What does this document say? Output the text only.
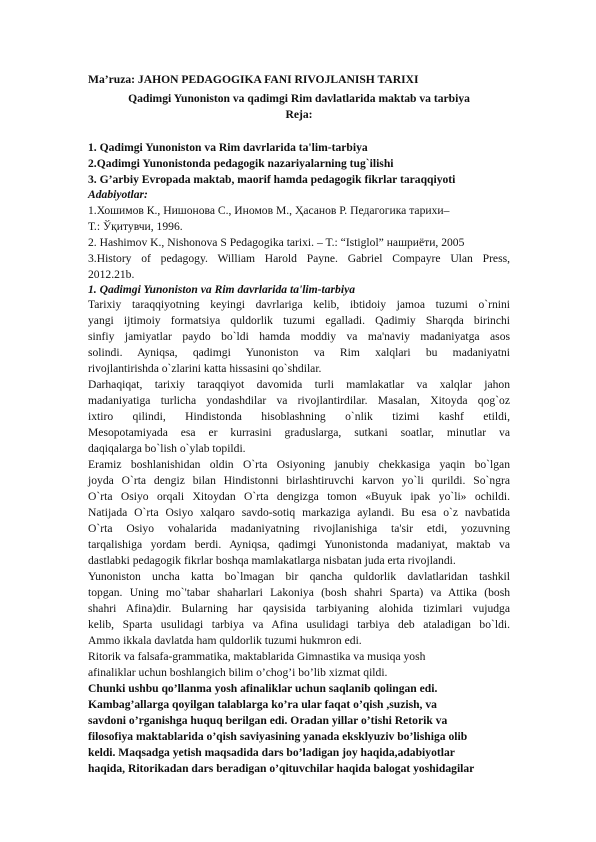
Ma’ruza: JAHON PEDAGOGIKA FANI RIVOJLANISH TARIXI
Qadimgi Yunoniston va qadimgi Rim davlatlarida maktab va tarbiya
Reja:
1. Qadimgi Yunoniston va Rim davrlarida ta'lim-tarbiya
2.Qadimgi Yunonistonda pedagogik nazariyalarning tug`ilishi
3. G’arbiy Evropada maktab, maorif hamda pedagogik fikrlar taraqqiyoti
Adabiyotlar:
1.Хошимов К., Нишонова С., Иномов М., Ҳасанов Р. Педагогика тарихи–
Т.: Ўқитувчи, 1996.
2. Hashimov K., Nishonova S Pedagogika tarixi. – T.: “Istiglol” нашриёти, 2005
3.History of pedagogy. William Harold Payne. Gabriel Compayre Ulan Press,
2012.21b.
1. Qadimgi Yunoniston va Rim davrlarida ta'lim-tarbiya
Tarixiy taraqqiyotning keyingi davrlariga kelib, ibtidoiy jamoa tuzumi o`rnini
yangi ijtimoiy formatsiya quldorlik tuzumi egalladi. Qadimiy Sharqda birinchi
sinfiy jamiyatlar paydo bo`ldi hamda moddiy va ma'naviy madaniyatga asos
solindi. Ayniqsa, qadimgi Yunoniston va Rim xalqlari bu madaniyatni
rivojlantirishda o`zlarini katta hissasini qo`shdilar.
Darhaqiqat, tarixiy taraqqiyot davomida turli mamlakatlar va xalqlar jahon
madaniyatiga turlicha yondashdilar va rivojlantirdilar. Masalan, Xitoyda qog`oz
ixtiro qilindi, Hindistonda hisoblashning o`nlik tizimi kashf etildi,
Mesopotamiyada esa er kurrasini graduslarga, sutkani soatlar, minutlar va
daqiqalarga bo`lish o`ylab topildi.
Eramiz boshlanishidan oldin O`rta Osiyoning janubiy chekkasiga yaqin bo`lgan
joyda O`rta dengiz bilan Hindistonni birlashtiruvchi karvon yo`li qurildi. So`ngra
O`rta Osiyo orqali Xitoydan O`rta dengizga tomon «Buyuk ipak yo`li» ochildi.
Natijada O`rta Osiyo xalqaro savdo-sotiq markaziga aylandi. Bu esa o`z navbatida
O`rta Osiyo vohalarida madaniyatning rivojlanishiga ta'sir etdi, yozuvning
tarqalishiga yordam berdi. Ayniqsa, qadimgi Yunonistonda madaniyat, maktab va
dastlabki pedagogik fikrlar boshqa mamlakatlarga nisbatan juda erta rivojlandi.
Yunoniston uncha katta bo`lmagan bir qancha quldorlik davlatlaridan tashkil
topgan. Uning mo`'tabar shaharlari Lakoniya (bosh shahri Sparta) va Attika (bosh
shahri Afina)dir. Bularning har qaysisida tarbiyaning alohida tizimlari vujudga
kelib, Sparta usulidagi tarbiya va Afina usulidagi tarbiya deb ataladigan bo`ldi.
Ammo ikkala davlatda ham quldorlik tuzumi hukmron edi.
Ritorik va falsafa-grammatika, maktablarida Gimnastika va musiqa yosh
afinaliklar uchun boshlangich bilim o’chog’i bo’lib xizmat qildi.
Chunki ushbu qo’llanma yosh afinaliklar uchun saqlanib qolingan edi.
Kambag’allarga qoyilgan talablarga ko’ra ular faqat o’qish ,suzish, va
savdoni o’rganishga huquq berilgan edi. Oradan yillar o’tishi Retorik va
filosofiya maktablarida o’qish saviyasining yanada eksklyuziv bo’lishiga olib
keldi. Maqsadga yetish maqsadida dars bo’ladigan joy haqida,adabiyotlar
haqida, Ritorikadan dars beradigan o’qituvchilar haqida balogat yoshidagilar
